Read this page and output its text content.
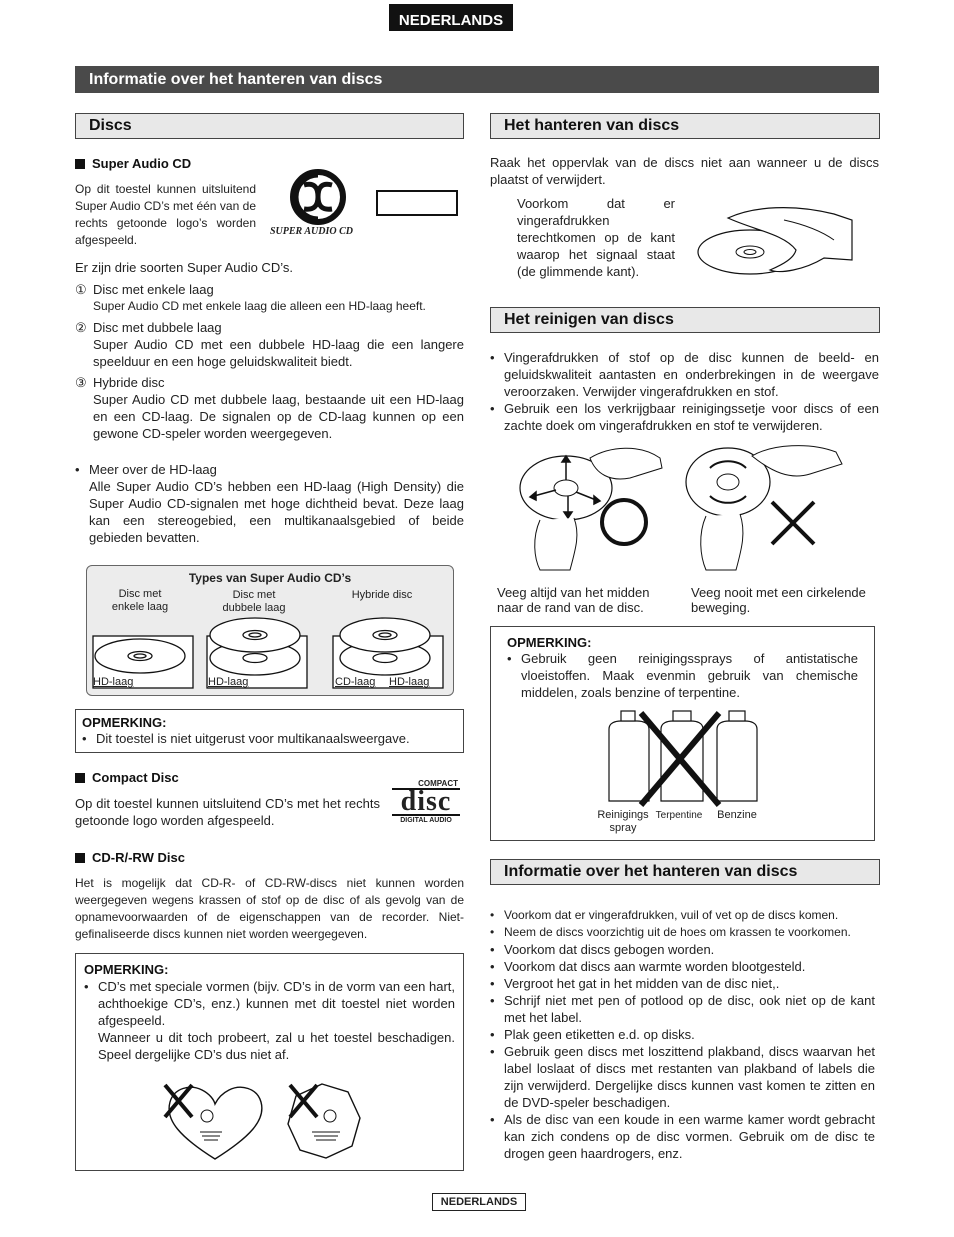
NEDERLANDS
Informatie over het hanteren van discs
Discs
Super Audio CD
Op dit toestel kunnen uitsluitend Super Audio CD’s met één van de rechts getoonde logo’s worden afgespeeld.
SUPER AUDIO CD
Er zijn drie soorten Super Audio CD’s.
① Disc met enkele laag
Super Audio CD met enkele laag die alleen een HD-laag heeft.
② Disc met dubbele laag
Super Audio CD met een dubbele HD-laag die een langere speelduur en een hoge geluidskwaliteit biedt.
③ Hybride disc
Super Audio CD met dubbele laag, bestaande uit een HD-laag en een CD-laag. De signalen op de CD-laag kunnen op een gewone CD-speler worden weergegeven.
• Meer over de HD-laag
Alle Super Audio CD’s hebben een HD-laag (High Density) die Super Audio CD-signalen met hoge dichtheid bevat. Deze laag kan een stereogebied, een multikanaalsgebied of beide gebieden bevatten.
Types van Super Audio CD’s
Disc met
enkele laag
Disc met
dubbele laag
Hybride disc
HD-laag	HD-laag	CD-laag HD-laag
OPMERKING:
• Dit toestel is niet uitgerust voor multikanaalsweergave.
Compact Disc
Op dit toestel kunnen uitsluitend CD’s met het rechts getoonde logo worden afgespeeld.
COMPACT
disc
DIGITAL AUDIO
CD-R/-RW Disc
Het is mogelijk dat CD-R- of CD-RW-discs niet kunnen worden weergegeven wegens krassen of stof op de disc of als gevolg van de opnamevoorwaarden of de eigenschappen van de recorder. Niet-gefinaliseerde discs kunnen niet worden weergegeven.
OPMERKING:
• CD’s met speciale vormen (bijv. CD’s in de vorm van een hart, achthoekige CD’s, enz.) kunnen met dit toestel niet worden afgespeeld.
Wanneer u dit toch probeert, zal u het toestel beschadigen. Speel dergelijke CD’s dus niet af.
Het hanteren van discs
Raak het oppervlak van de discs niet aan wanneer u de discs plaatst of verwijdert.
Voorkom dat er vingerafdrukken terechtkomen op de kant waarop het signaal staat (de glimmende kant).
Het reinigen van discs
• Vingerafdrukken of stof op de disc kunnen de beeld- en geluidskwaliteit aantasten en onderbrekingen in de weergave veroorzaken. Verwijder vingerafdrukken en stof.
• Gebruik een los verkrijgbaar reinigingssetje voor discs of een zachte doek om vingerafdrukken en stof te verwijderen.
Veeg altijd van het midden naar de rand van de disc.
Veeg nooit met een cirkelende beweging.
OPMERKING:
• Gebruik geen reinigingssprays of antistatische vloeistoffen. Maak evenmin gebruik van chemische middelen, zoals benzine of terpentine.
Reinigings
spray
Terpentine	Benzine
Informatie over het hanteren van discs
• Voorkom dat er vingerafdrukken, vuil of vet op de discs komen.
• Neem de discs voorzichtig uit de hoes om krassen te voorkomen.
• Voorkom dat discs gebogen worden.
• Voorkom dat discs aan warmte worden blootgesteld.
• Vergroot het gat in het midden van de disc niet,.
• Schrijf niet met pen of potlood op de disc, ook niet op de kant met het label.
• Plak geen etiketten e.d. op disks.
• Gebruik geen discs met loszittend plakband, discs waarvan het label loslaat of discs met restanten van plakband of labels die zijn verwijderd. Dergelijke discs kunnen vast komen te zitten en de DVD-speler beschadigen.
• Als de disc van een koude in een warme kamer wordt gebracht kan zich condens op de disc vormen. Gebruik om de disc te drogen geen haardrogers, enz.
NEDERLANDS
